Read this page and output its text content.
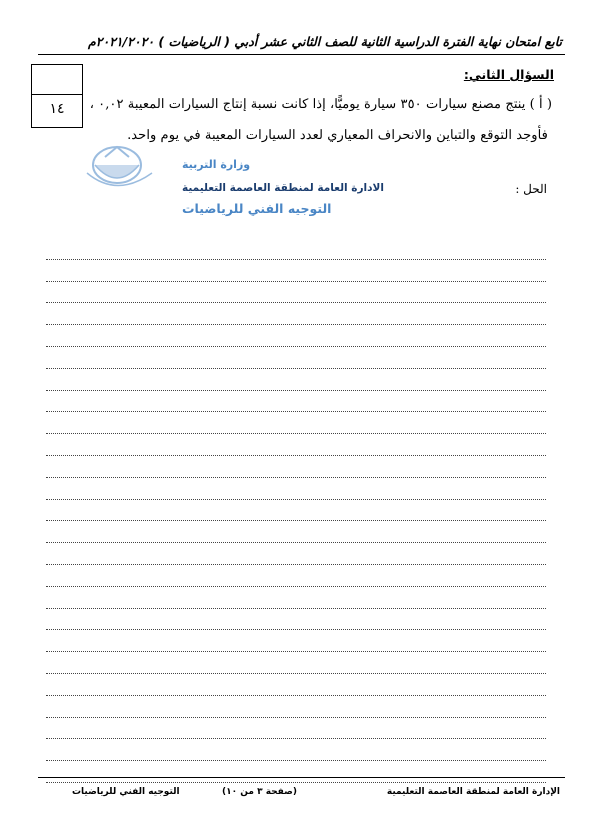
تابع امتحان نهاية الفترة الدراسية الثانية للصف الثاني عشر أدبي ( الرياضيات ) ٢٠٢١/٢٠٢٠م
١٤
السؤال الثاني:
( أ ) ينتج مصنع سيارات ٣٥٠ سيارة يوميًّا، إذا كانت نسبة إنتاج السيارات المعيبة ٠,٠٢ ،
فأوجد التوقع والتباين والانحراف المعياري لعدد السيارات المعيبة في يوم واحد.
وزارة التربية
الادارة العامة لمنطقة العاصمة التعليمية
التوجيه الفني للرياضيات
الحل :
الإدارة العامة لمنطقة العاصمة التعليمية
(صفحة ٣ من ١٠)
التوجيه الفني للرياضيات
